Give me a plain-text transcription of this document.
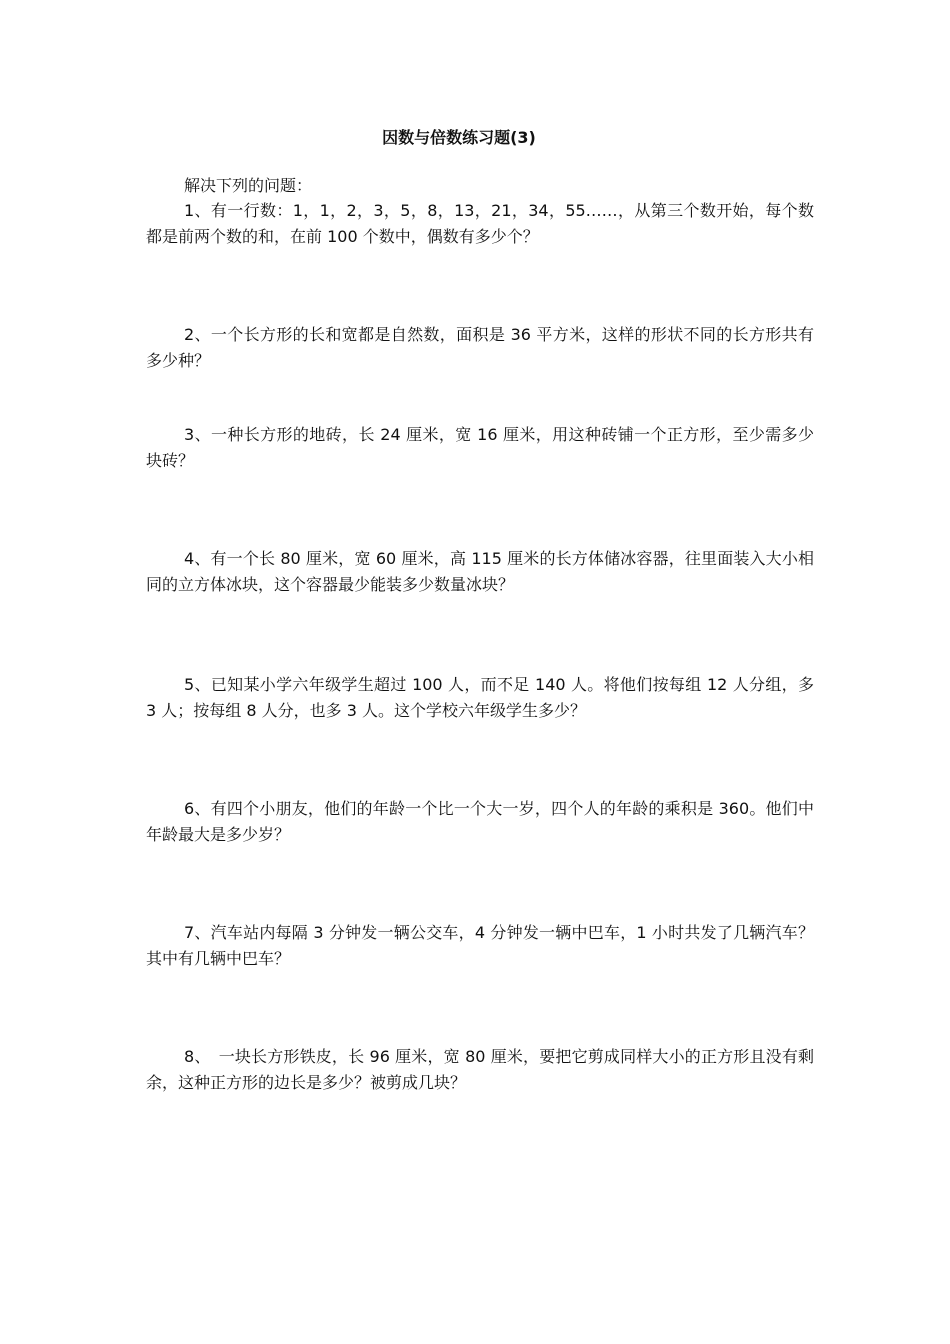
因数与倍数练习题(3)
解决下列的问题：

1、有一行数：1，1，2，3，5，8，13，21，34，55……，从第三个数开始，每个数都是前两个数的和，在前 100 个数中，偶数有多少个？

2、一个长方形的长和宽都是自然数，面积是 36 平方米，这样的形状不同的长方形共有多少种？

3、一种长方形的地砖，长 24 厘米，宽 16 厘米，用这种砖铺一个正方形，至少需多少块砖？

4、有一个长 80 厘米，宽 60 厘米，高 115 厘米的长方体储冰容器，往里面装入大小相同的立方体冰块，这个容器最少能装多少数量冰块？

5、已知某小学六年级学生超过 100 人，而不足 140 人。将他们按每组 12 人分组，多 3 人；按每组 8 人分，也多 3 人。这个学校六年级学生多少？

6、有四个小朋友，他们的年龄一个比一个大一岁，四个人的年龄的乘积是 360。他们中年龄最大是多少岁？

7、汽车站内每隔 3 分钟发一辆公交车，4 分钟发一辆中巴车，1 小时共发了几辆汽车？其中有几辆中巴车？

8、　一块长方形铁皮，长 96 厘米，宽 80 厘米，要把它剪成同样大小的正方形且没有剩余，这种正方形的边长是多少？被剪成几块？
